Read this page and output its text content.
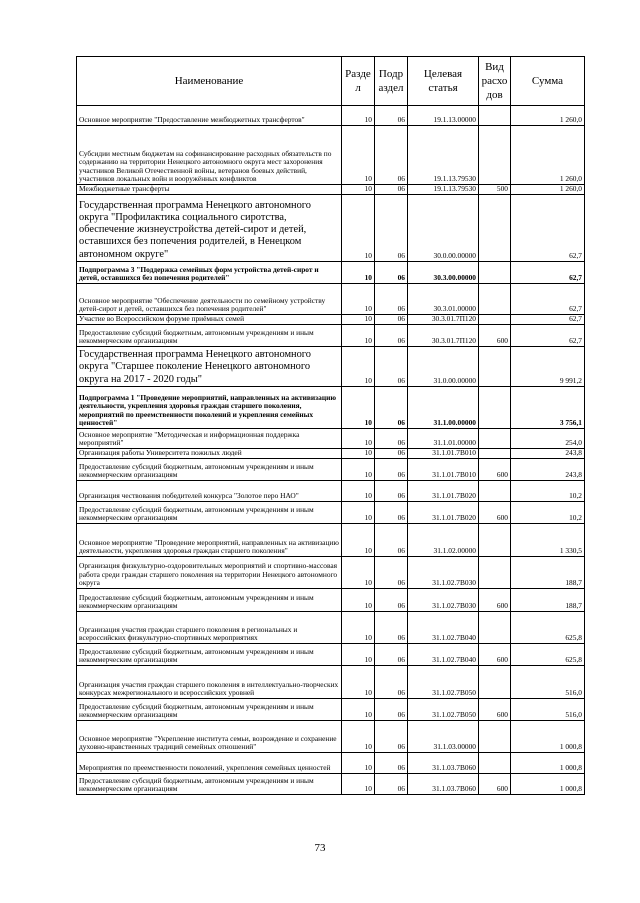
Наименование	Разде л	Подр аздел	Целевая статья	Вид расхо дов	Сумма
Основное мероприятие "Предоставление межбюджетных трансфертов"	10	06	19.1.13.00000		1 260,0
Субсидии местным бюджетам на софинансирование расходных обязательств по содержанию на территории Ненецкого автономного округа мест захоронения участников Великой Отечественной войны, ветеранов боевых действий, участников локальных войн и вооружённых конфликтов	10	06	19.1.13.79530		1 260,0
Межбюджетные трансферты	10	06	19.1.13.79530	500	1 260,0
Государственная программа Ненецкого автономного округа "Профилактика социального сиротства, обеспечение жизнеустройства детей-сирот и детей, оставшихся без попечения родителей, в Ненецком автономном округе"	10	06	30.0.00.00000		62,7
Подпрограмма 3 "Поддержка семейных форм устройства детей-сирот и детей, оставшихся без попечения родителей"	10	06	30.3.00.00000		62,7
Основное мероприятие "Обеспечение деятельности по семейному устройству детей-сирот и детей, оставшихся без попечения родителей"	10	06	30.3.01.00000		62,7
Участие во Всероссийском форуме приёмных семей	10	06	30.3.01.7П120		62,7
Предоставление субсидий бюджетным, автономным учреждениям и иным некоммерческим организациям	10	06	30.3.01.7П120	600	62,7
Государственная программа Ненецкого автономного округа "Старшее поколение Ненецкого автономного округа на 2017 - 2020 годы"	10	06	31.0.00.00000		9 991,2
Подпрограмма 1 "Проведение мероприятий, направленных на активизацию деятельности, укрепления здоровья граждан старшего поколения, мероприятий по преемственности поколений и укрепления семейных ценностей"	10	06	31.1.00.00000		3 756,1
Основное мероприятие "Методическая и информационная поддержка мероприятий"	10	06	31.1.01.00000		254,0
Организация работы Университета пожилых людей	10	06	31.1.01.7В010		243,8
Предоставление субсидий бюджетным, автономным учреждениям и иным некоммерческим организациям	10	06	31.1.01.7В010	600	243,8
Организация чествования победителей конкурса "Золотое перо НАО"	10	06	31.1.01.7В020		10,2
Предоставление субсидий бюджетным, автономным учреждениям и иным некоммерческим организациям	10	06	31.1.01.7В020	600	10,2
Основное мероприятие "Проведение мероприятий, направленных на активизацию деятельности, укрепления здоровья граждан старшего поколения"	10	06	31.1.02.00000		1 330,5
Организация физкультурно-оздоровительных мероприятий и спортивно-массовая работа среди граждан старшего поколения на территории Ненецкого автономного округа	10	06	31.1.02.7В030		188,7
Предоставление субсидий бюджетным, автономным учреждениям и иным некоммерческим организациям	10	06	31.1.02.7В030	600	188,7
Организация участия граждан старшего поколения в региональных и всероссийских физкультурно-спортивных мероприятиях	10	06	31.1.02.7В040		625,8
Предоставление субсидий бюджетным, автономным учреждениям и иным некоммерческим организациям	10	06	31.1.02.7В040	600	625,8
Организация участия граждан старшего поколения в интеллектуально-творческих конкурсах межрегионального и всероссийских уровней	10	06	31.1.02.7В050		516,0
Предоставление субсидий бюджетным, автономным учреждениям и иным некоммерческим организациям	10	06	31.1.02.7В050	600	516,0
Основное мероприятие "Укрепление института семьи, возрождение и сохранение духовно-нравственных традиций семейных отношений"	10	06	31.1.03.00000		1 000,8
Мероприятия по преемственности поколений, укрепления семейных ценностей	10	06	31.1.03.7В060		1 000,8
Предоставление субсидий бюджетным, автономным учреждениям и иным некоммерческим организациям	10	06	31.1.03.7В060	600	1 000,8
73
